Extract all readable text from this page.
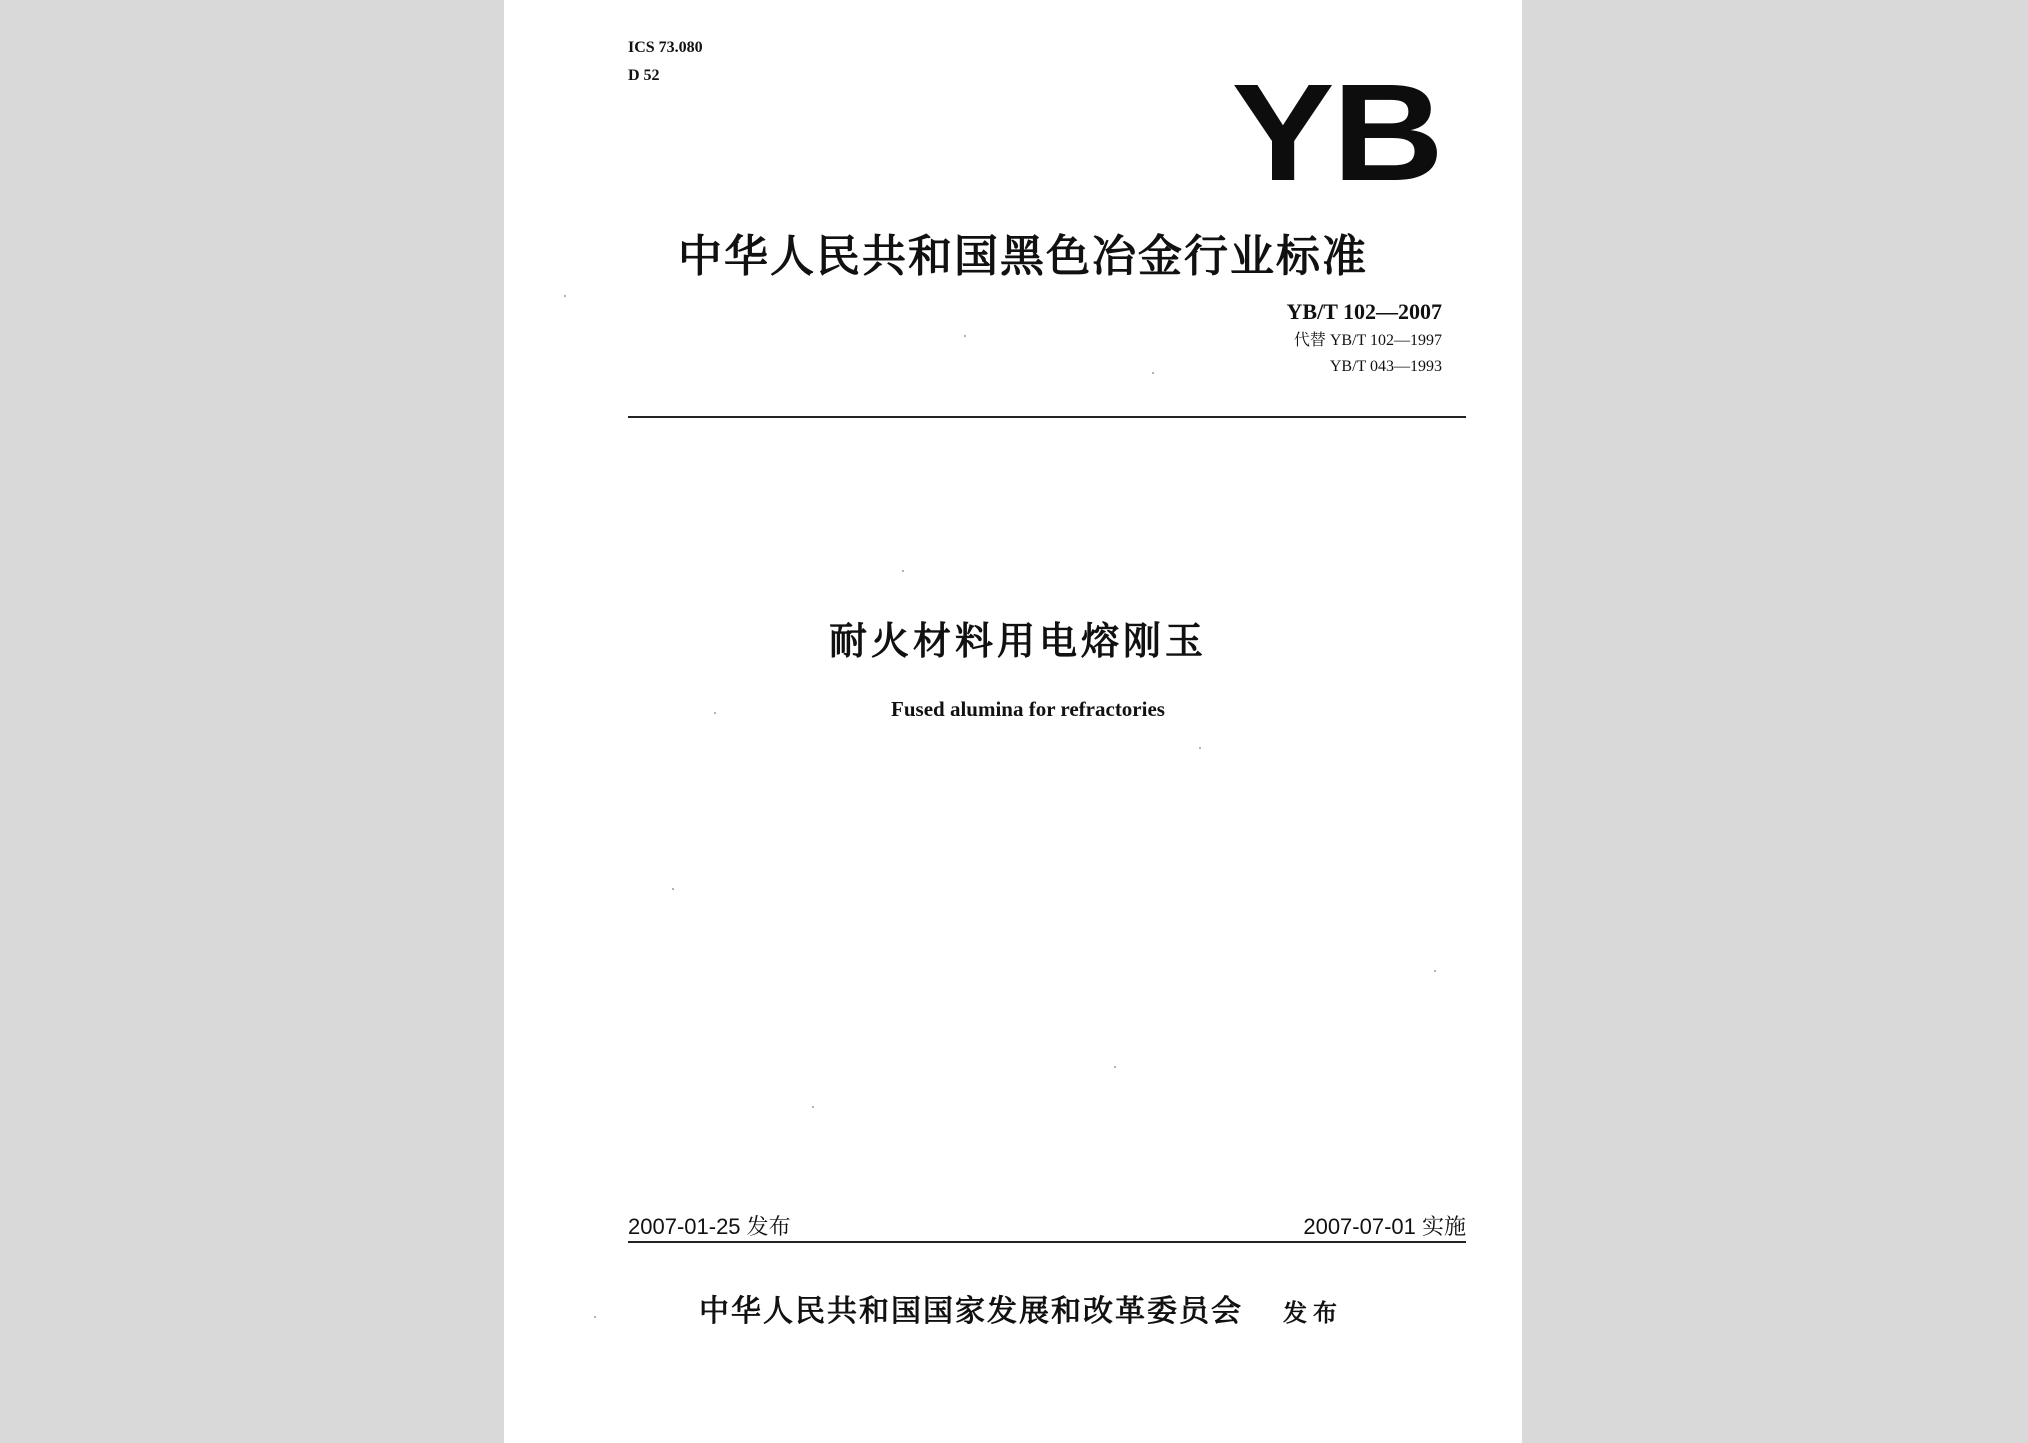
ICS 73.080
D 52	YB
中华人民共和国黑色冶金行业标准
YB/T 102—2007
代替 YB/T 102—1997
YB/T 043—1993
耐火材料用电熔刚玉
Fused alumina for refractories
2007-01-25 发布	2007-07-01 实施
中华人民共和国国家发展和改革委员会 发布
